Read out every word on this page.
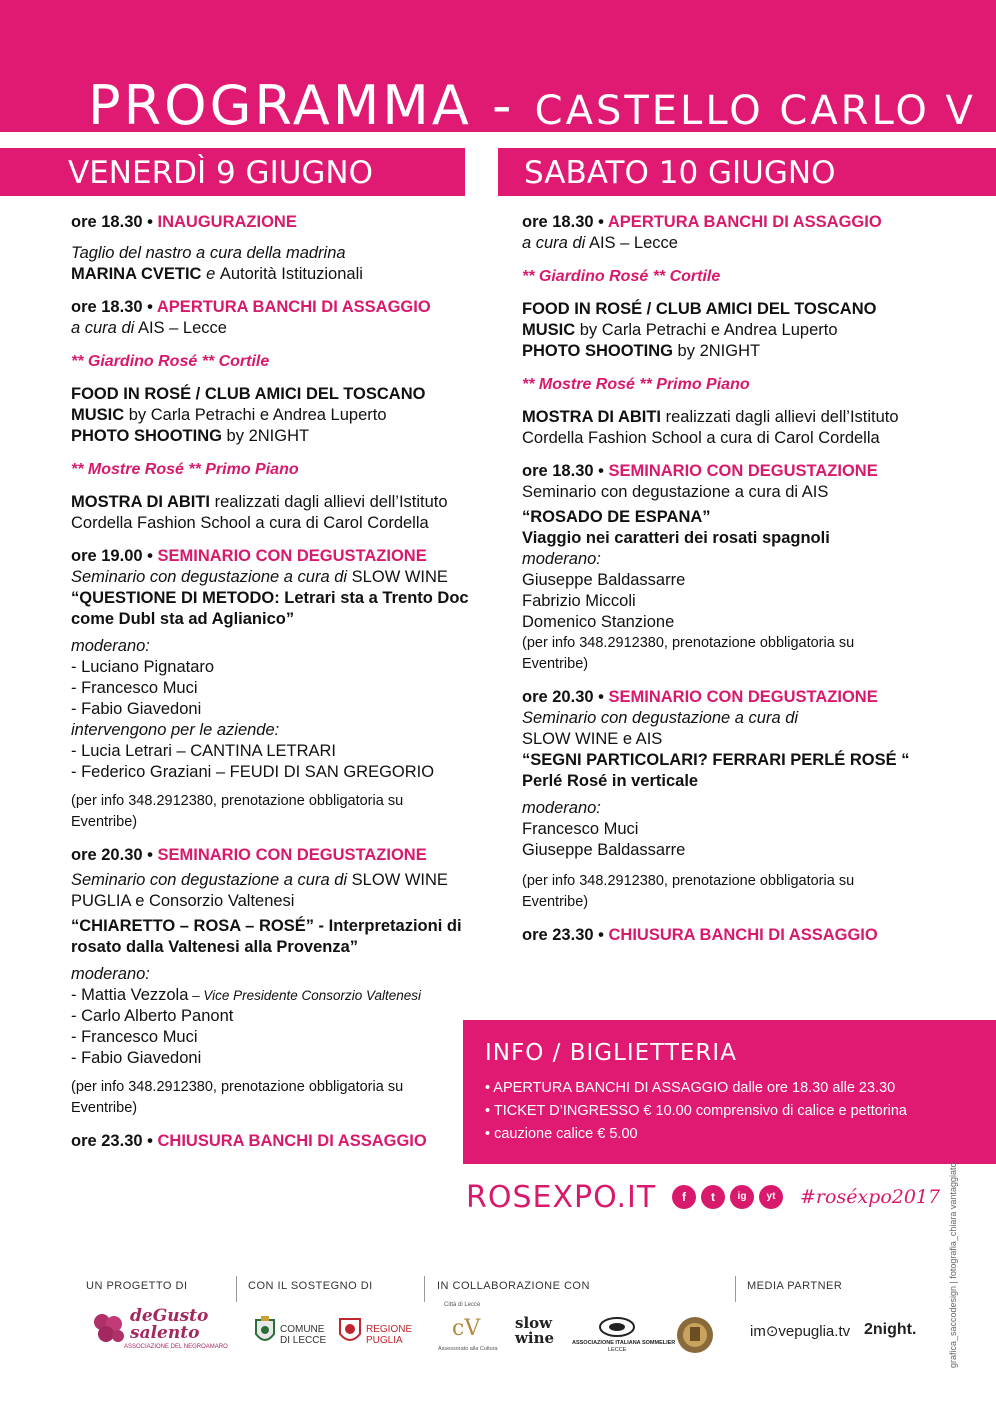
PROGRAMMA - CASTELLO CARLO V
VENERDÌ 9 GIUGNO	SABATO 10 GIUGNO
ore 18.30 • INAUGURAZIONE
Taglio del nastro a cura della madrina
MARINA CVETIC e Autorità Istituzionali
ore 18.30 • APERTURA BANCHI DI ASSAGGIO
a cura di AIS – Lecce
** Giardino Rosé ** Cortile
FOOD IN ROSÉ / CLUB AMICI DEL TOSCANO
MUSIC by Carla Petrachi e Andrea Luperto
PHOTO SHOOTING by 2NIGHT
** Mostre Rosé ** Primo Piano
MOSTRA DI ABITI realizzati dagli allievi dell’Istituto
Cordella Fashion School a cura di Carol Cordella
ore 19.00 • SEMINARIO CON DEGUSTAZIONE
Seminario con degustazione a cura di SLOW WINE
“QUESTIONE DI METODO: Letrari sta a Trento Doc
come Dubl sta ad Aglianico”
moderano:
- Luciano Pignataro
- Francesco Muci
- Fabio Giavedoni
intervengono per le aziende:
- Lucia Letrari – CANTINA LETRARI
- Federico Graziani – FEUDI DI SAN GREGORIO
(per info 348.2912380, prenotazione obbligatoria su
Eventribe)
ore 20.30 • SEMINARIO CON DEGUSTAZIONE
Seminario con degustazione a cura di SLOW WINE
PUGLIA e Consorzio Valtenesi
“CHIARETTO – ROSA – ROSÉ” - Interpretazioni di
rosato dalla Valtenesi alla Provenza”
moderano:
- Mattia Vezzola – Vice Presidente Consorzio Valtenesi
- Carlo Alberto Panont
- Francesco Muci
- Fabio Giavedoni
(per info 348.2912380, prenotazione obbligatoria su
Eventribe)
ore 23.30 • CHIUSURA BANCHI DI ASSAGGIO
ore 18.30 • APERTURA BANCHI DI ASSAGGIO
a cura di AIS – Lecce
** Giardino Rosé ** Cortile
FOOD IN ROSÉ / CLUB AMICI DEL TOSCANO
MUSIC by Carla Petrachi e Andrea Luperto
PHOTO SHOOTING by 2NIGHT
** Mostre Rosé ** Primo Piano
MOSTRA DI ABITI realizzati dagli allievi dell’Istituto
Cordella Fashion School a cura di Carol Cordella
ore 18.30 • SEMINARIO CON DEGUSTAZIONE
Seminario con degustazione a cura di AIS
“ROSADO DE ESPANA”
Viaggio nei caratteri dei rosati spagnoli
moderano:
Giuseppe Baldassarre
Fabrizio Miccoli
Domenico Stanzione
(per info 348.2912380, prenotazione obbligatoria su
Eventribe)
ore 20.30 • SEMINARIO CON DEGUSTAZIONE
Seminario con degustazione a cura di
SLOW WINE e AIS
“SEGNI PARTICOLARI? FERRARI PERLÉ ROSÉ “
Perlé Rosé in verticale
moderano:
Francesco Muci
Giuseppe Baldassarre
(per info 348.2912380, prenotazione obbligatoria su
Eventribe)
ore 23.30 • CHIUSURA BANCHI DI ASSAGGIO
INFO / BIGLIETTERIA
• APERTURA BANCHI DI ASSAGGIO dalle ore 18.30 alle 23.30
• TICKET D’INGRESSO € 10.00 comprensivo di calice e pettorina
• cauzione calice € 5.00
ROSEXPO.IT	f	t	ig	yt	#roséxpo2017 grafica_saccodesign | fotografia_chiara vantaggiato
UN PROGETTO DI	CON IL SOSTEGNO DI	IN COLLABORAZIONE CON	MEDIA PARTNER
deGusto
salento
ASSOCIAZIONE DEL NEGROAMARO
COMUNE
DI LECCE
REGIONE
PUGLIA
Città di Lecce
cV
Assessorato alla Cultura
slow
wine	ASSOCIAZIONE ITALIANA SOMMELIER
LECCE
im⊙vepuglia.tv 2night.
